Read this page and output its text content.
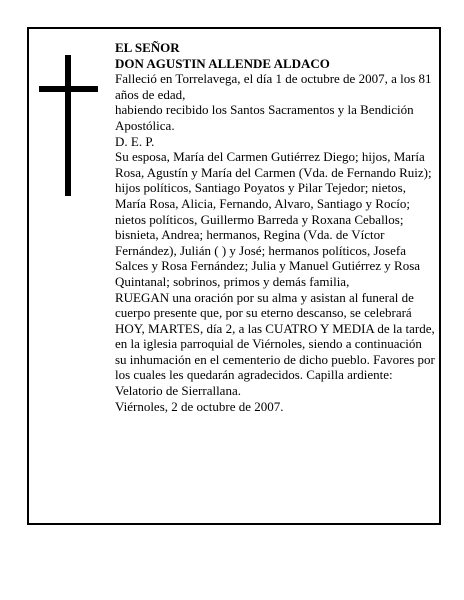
EL SEÑOR

DON AGUSTIN ALLENDE ALDACO

Falleció en Torrelavega, el día 1 de octubre de 2007, a los 81 años de edad,

habiendo recibido los Santos Sacramentos y la Bendición Apostólica.

D. E. P.

Su esposa, María del Carmen Gutiérrez Diego; hijos, María Rosa, Agustín y María del Carmen (Vda. de Fernando Ruiz); hijos políticos, Santiago Poyatos y Pilar Tejedor; nietos, María Rosa, Alicia, Fernando, Alvaro, Santiago y Rocío; nietos políticos, Guillermo Barreda y Roxana Ceballos; bisnieta, Andrea; hermanos, Regina (Vda. de Víctor Fernández), Julián ( ) y José; hermanos políticos, Josefa Salces y Rosa Fernández; Julia y Manuel Gutiérrez y Rosa Quintanal; sobrinos, primos y demás familia,

RUEGAN una oración por su alma y asistan al funeral de cuerpo presente que, por su eterno descanso, se celebrará HOY, MARTES, día 2, a las CUATRO Y MEDIA de la tarde, en la iglesia parroquial de Viérnoles, siendo a continuación su inhumación en el cementerio de dicho pueblo. Favores por los cuales les quedarán agradecidos. Capilla ardiente: Velatorio de Sierrallana.

Viérnoles, 2 de octubre de 2007.
